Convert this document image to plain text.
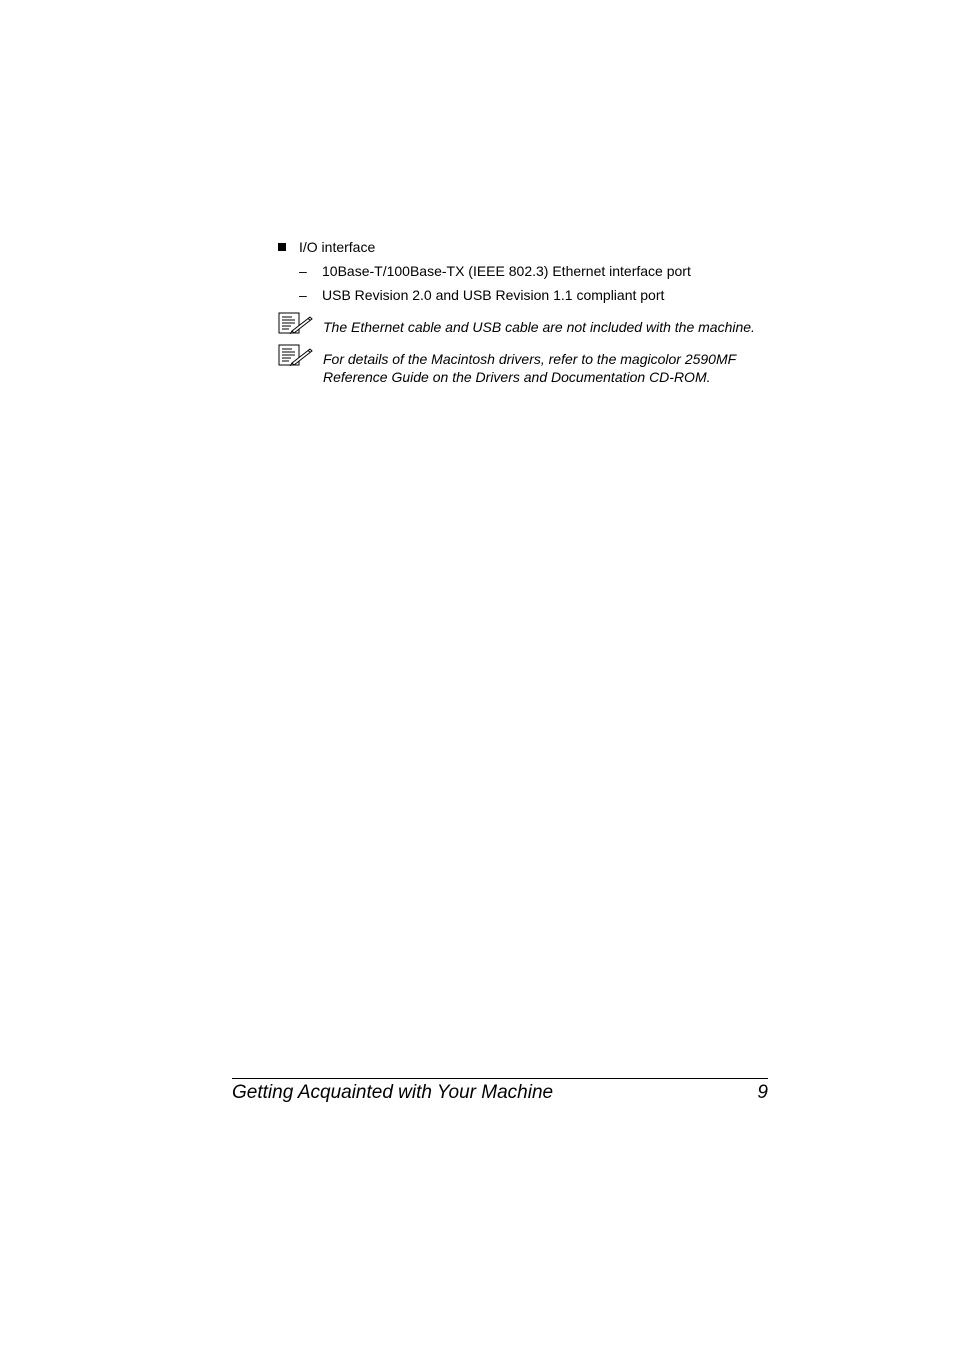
I/O interface
– 10Base-T/100Base-TX (IEEE 802.3) Ethernet interface port
– USB Revision 2.0 and USB Revision 1.1 compliant port
The Ethernet cable and USB cable are not included with the machine.
For details of the Macintosh drivers, refer to the magicolor 2590MF Reference Guide on the Drivers and Documentation CD-ROM.
Getting Acquainted with Your Machine	9
